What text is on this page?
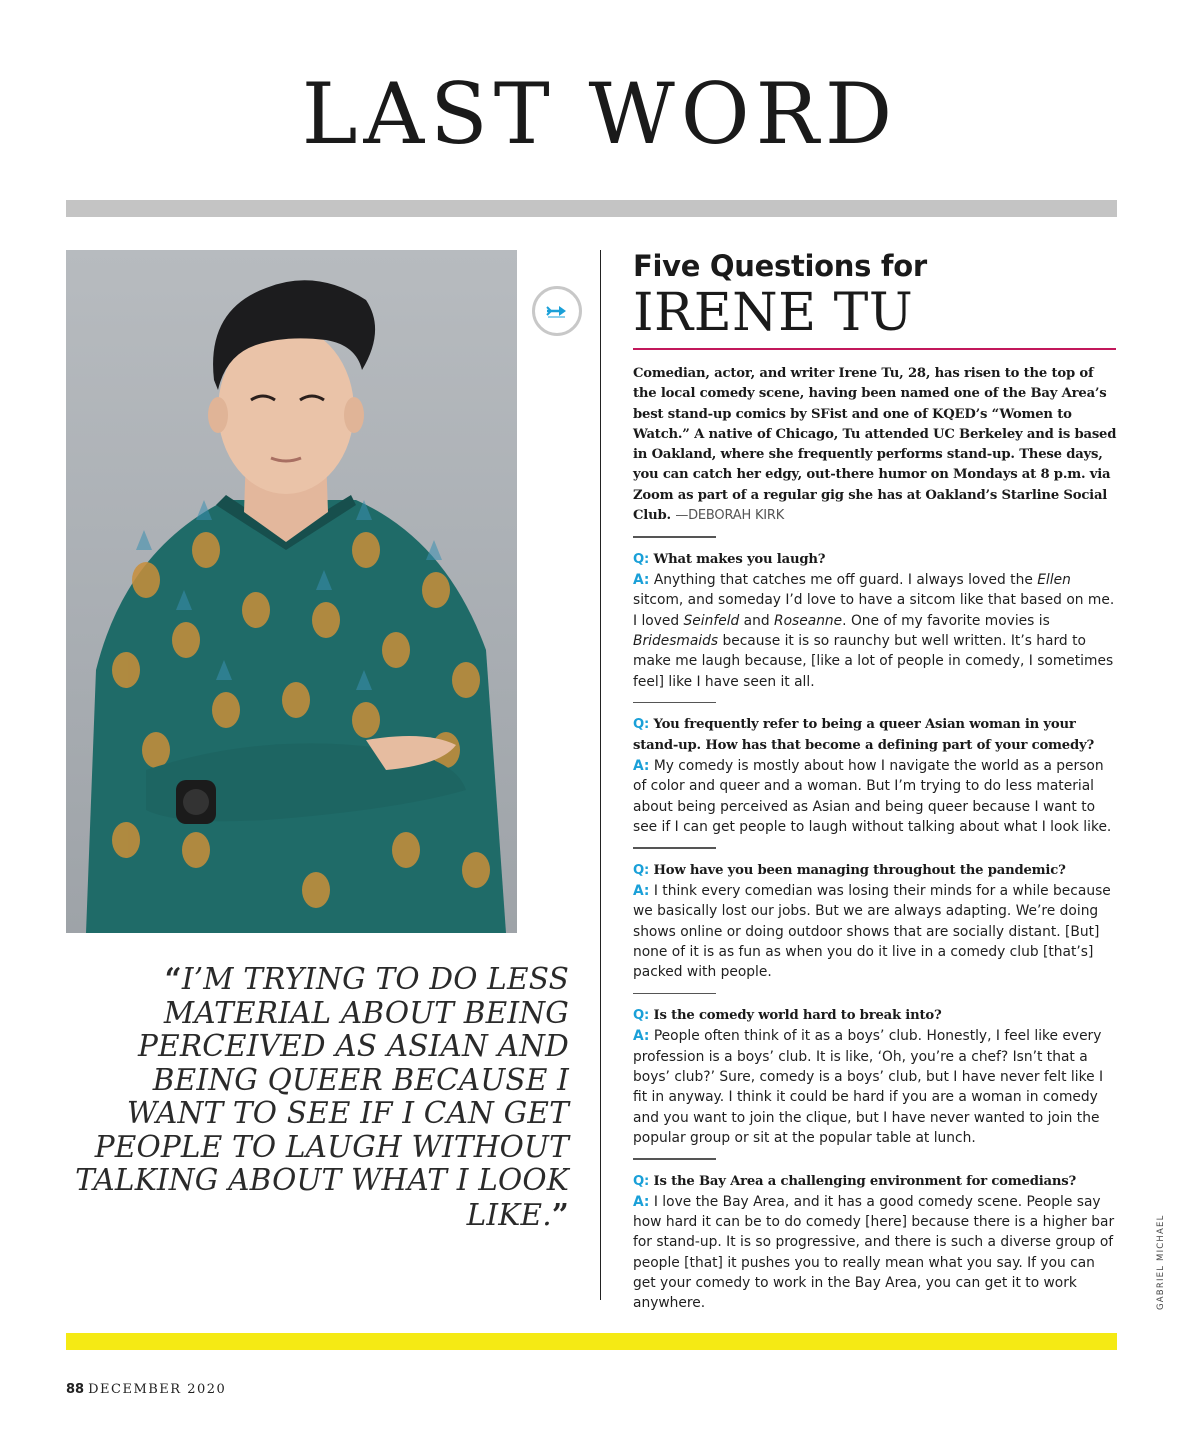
LAST WORD
“I’M TRYING TO DO LESS MATERIAL ABOUT BEING PERCEIVED AS ASIAN AND BEING QUEER BECAUSE I WANT TO SEE IF I CAN GET PEOPLE TO LAUGH WITHOUT TALKING ABOUT WHAT I LOOK LIKE.”
Five Questions for
IRENE TU

Comedian, actor, and writer Irene Tu, 28, has risen to the top of the local comedy scene, having been named one of the Bay Area’s best stand-up comics by SFist and one of KQED’s “Women to Watch.” A native of Chicago, Tu attended UC Berkeley and is based in Oakland, where she frequently performs stand-up. These days, you can catch her edgy, out-there humor on Mondays at 8 p.m. via Zoom as part of a regular gig she has at Oakland’s Starline Social Club. —DEBORAH KIRK

Q: What makes you laugh?

A: Anything that catches me off guard. I always loved the Ellen sitcom, and someday I’d love to have a sitcom like that based on me. I loved Seinfeld and Roseanne. One of my favorite movies is Bridesmaids because it is so raunchy but well written. It’s hard to make me laugh because, [like a lot of people in comedy, I sometimes feel] like I have seen it all.

Q: You frequently refer to being a queer Asian woman in your stand-up. How has that become a defining part of your comedy?

A: My comedy is mostly about how I navigate the world as a person of color and queer and a woman. But I’m trying to do less material about being perceived as Asian and being queer because I want to see if I can get people to laugh without talking about what I look like.

Q: How have you been managing throughout the pandemic?

A: I think every comedian was losing their minds for a while because we basically lost our jobs. But we are always adapting. We’re doing shows online or doing outdoor shows that are socially distant. [But] none of it is as fun as when you do it live in a comedy club [that’s] packed with people.

Q: Is the comedy world hard to break into?

A: People often think of it as a boys’ club. Honestly, I feel like every profession is a boys’ club. It is like, ‘Oh, you’re a chef? Isn’t that a boys’ club?’ Sure, comedy is a boys’ club, but I have never felt like I fit in anyway. I think it could be hard if you are a woman in comedy and you want to join the clique, but I have never wanted to join the popular group or sit at the popular table at lunch.

Q: Is the Bay Area a challenging environment for comedians?

A: I love the Bay Area, and it has a good comedy scene. People say how hard it can be to do comedy [here] because there is a higher bar for stand-up. It is so progressive, and there is such a diverse group of people [that] it pushes you to really mean what you say. If you can get your comedy to work in the Bay Area, you can get it to work anywhere.	GABRIEL MICHAEL
88 DECEMBER 2020
